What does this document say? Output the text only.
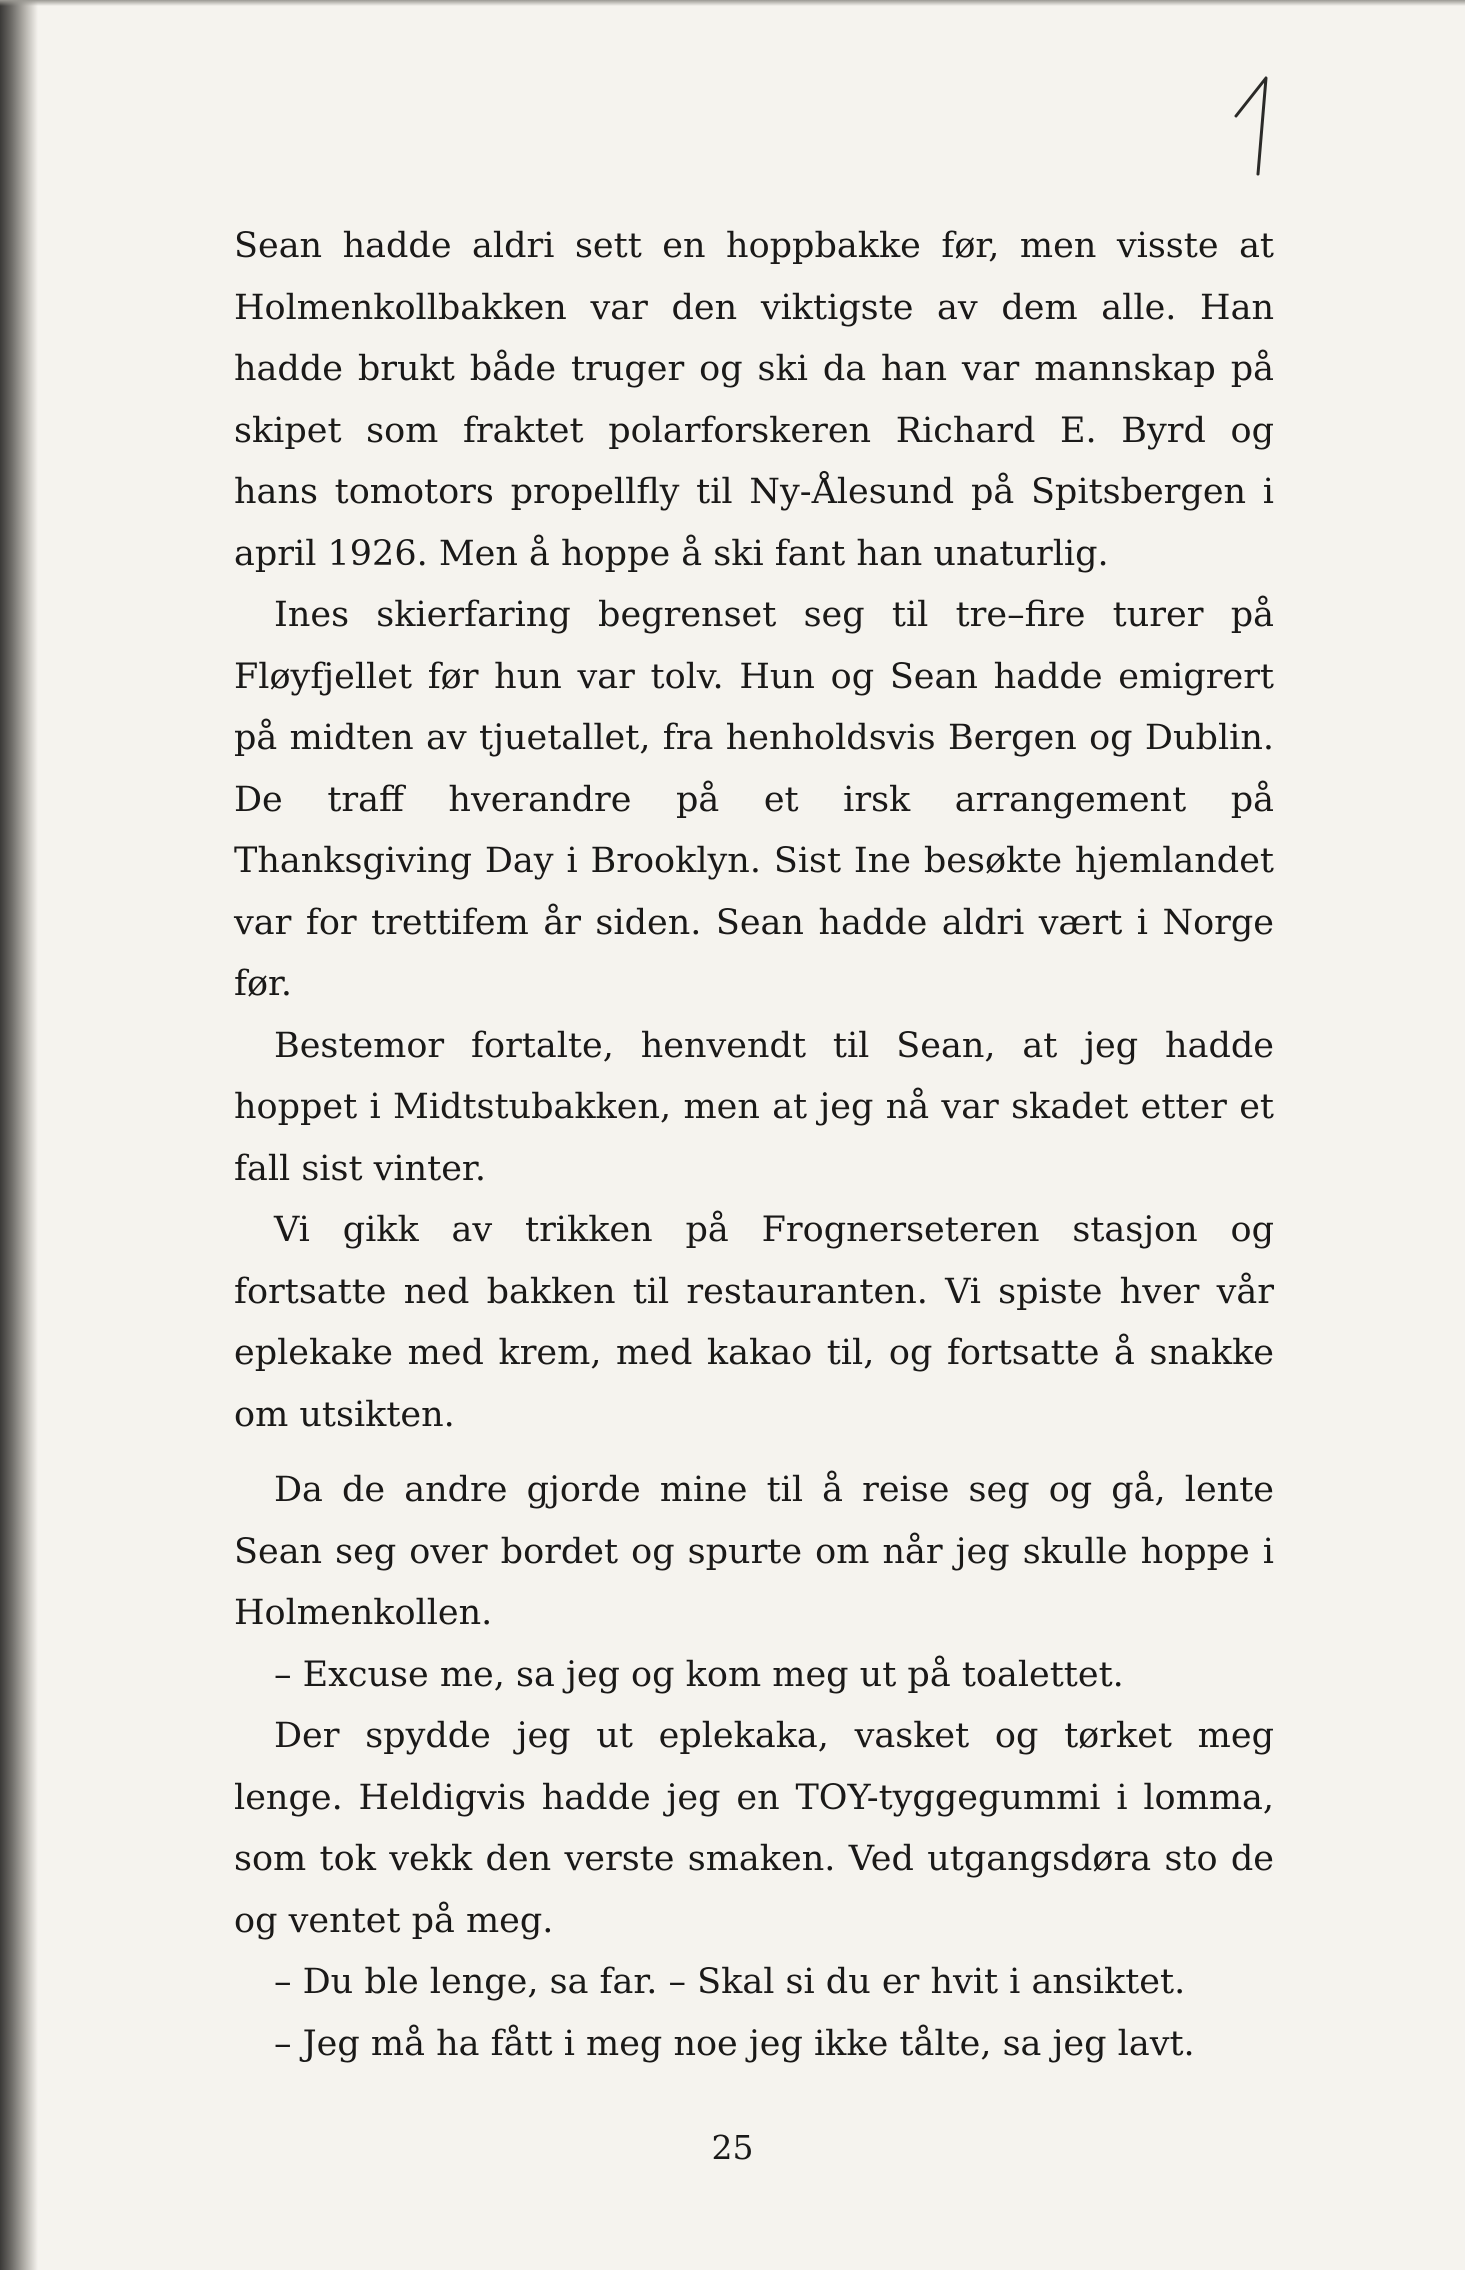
Sean hadde aldri sett en hoppbakke før, men visste at Holmenkollbakken var den viktigste av dem alle. Han hadde brukt både truger og ski da han var mannskap på skipet som fraktet polarforskeren Richard E. Byrd og hans tomotors propellfly til Ny-Ålesund på Spitsbergen i april 1926. Men å hoppe å ski fant han unaturlig.

Ines skierfaring begrenset seg til tre–fire turer på Fløyfjellet før hun var tolv. Hun og Sean hadde emigrert på midten av tjuetallet, fra henholdsvis Bergen og Dublin. De traff hverandre på et irsk arrangement på Thanksgiving Day i Brooklyn. Sist Ine besøkte hjemlandet var for trettifem år siden. Sean hadde aldri vært i Norge før.

Bestemor fortalte, henvendt til Sean, at jeg hadde hoppet i Midtstubakken, men at jeg nå var skadet etter et fall sist vinter.

Vi gikk av trikken på Frognerseteren stasjon og fortsatte ned bakken til restauranten. Vi spiste hver vår eplekake med krem, med kakao til, og fortsatte å snakke om utsikten.

Da de andre gjorde mine til å reise seg og gå, lente Sean seg over bordet og spurte om når jeg skulle hoppe i Holmenkollen.

– Excuse me, sa jeg og kom meg ut på toalettet.

Der spydde jeg ut eplekaka, vasket og tørket meg lenge. Heldigvis hadde jeg en TOY-tyggegummi i lomma, som tok vekk den verste smaken. Ved utgangsdøra sto de og ventet på meg.

– Du ble lenge, sa far. – Skal si du er hvit i ansiktet.

– Jeg må ha fått i meg noe jeg ikke tålte, sa jeg lavt.

25
